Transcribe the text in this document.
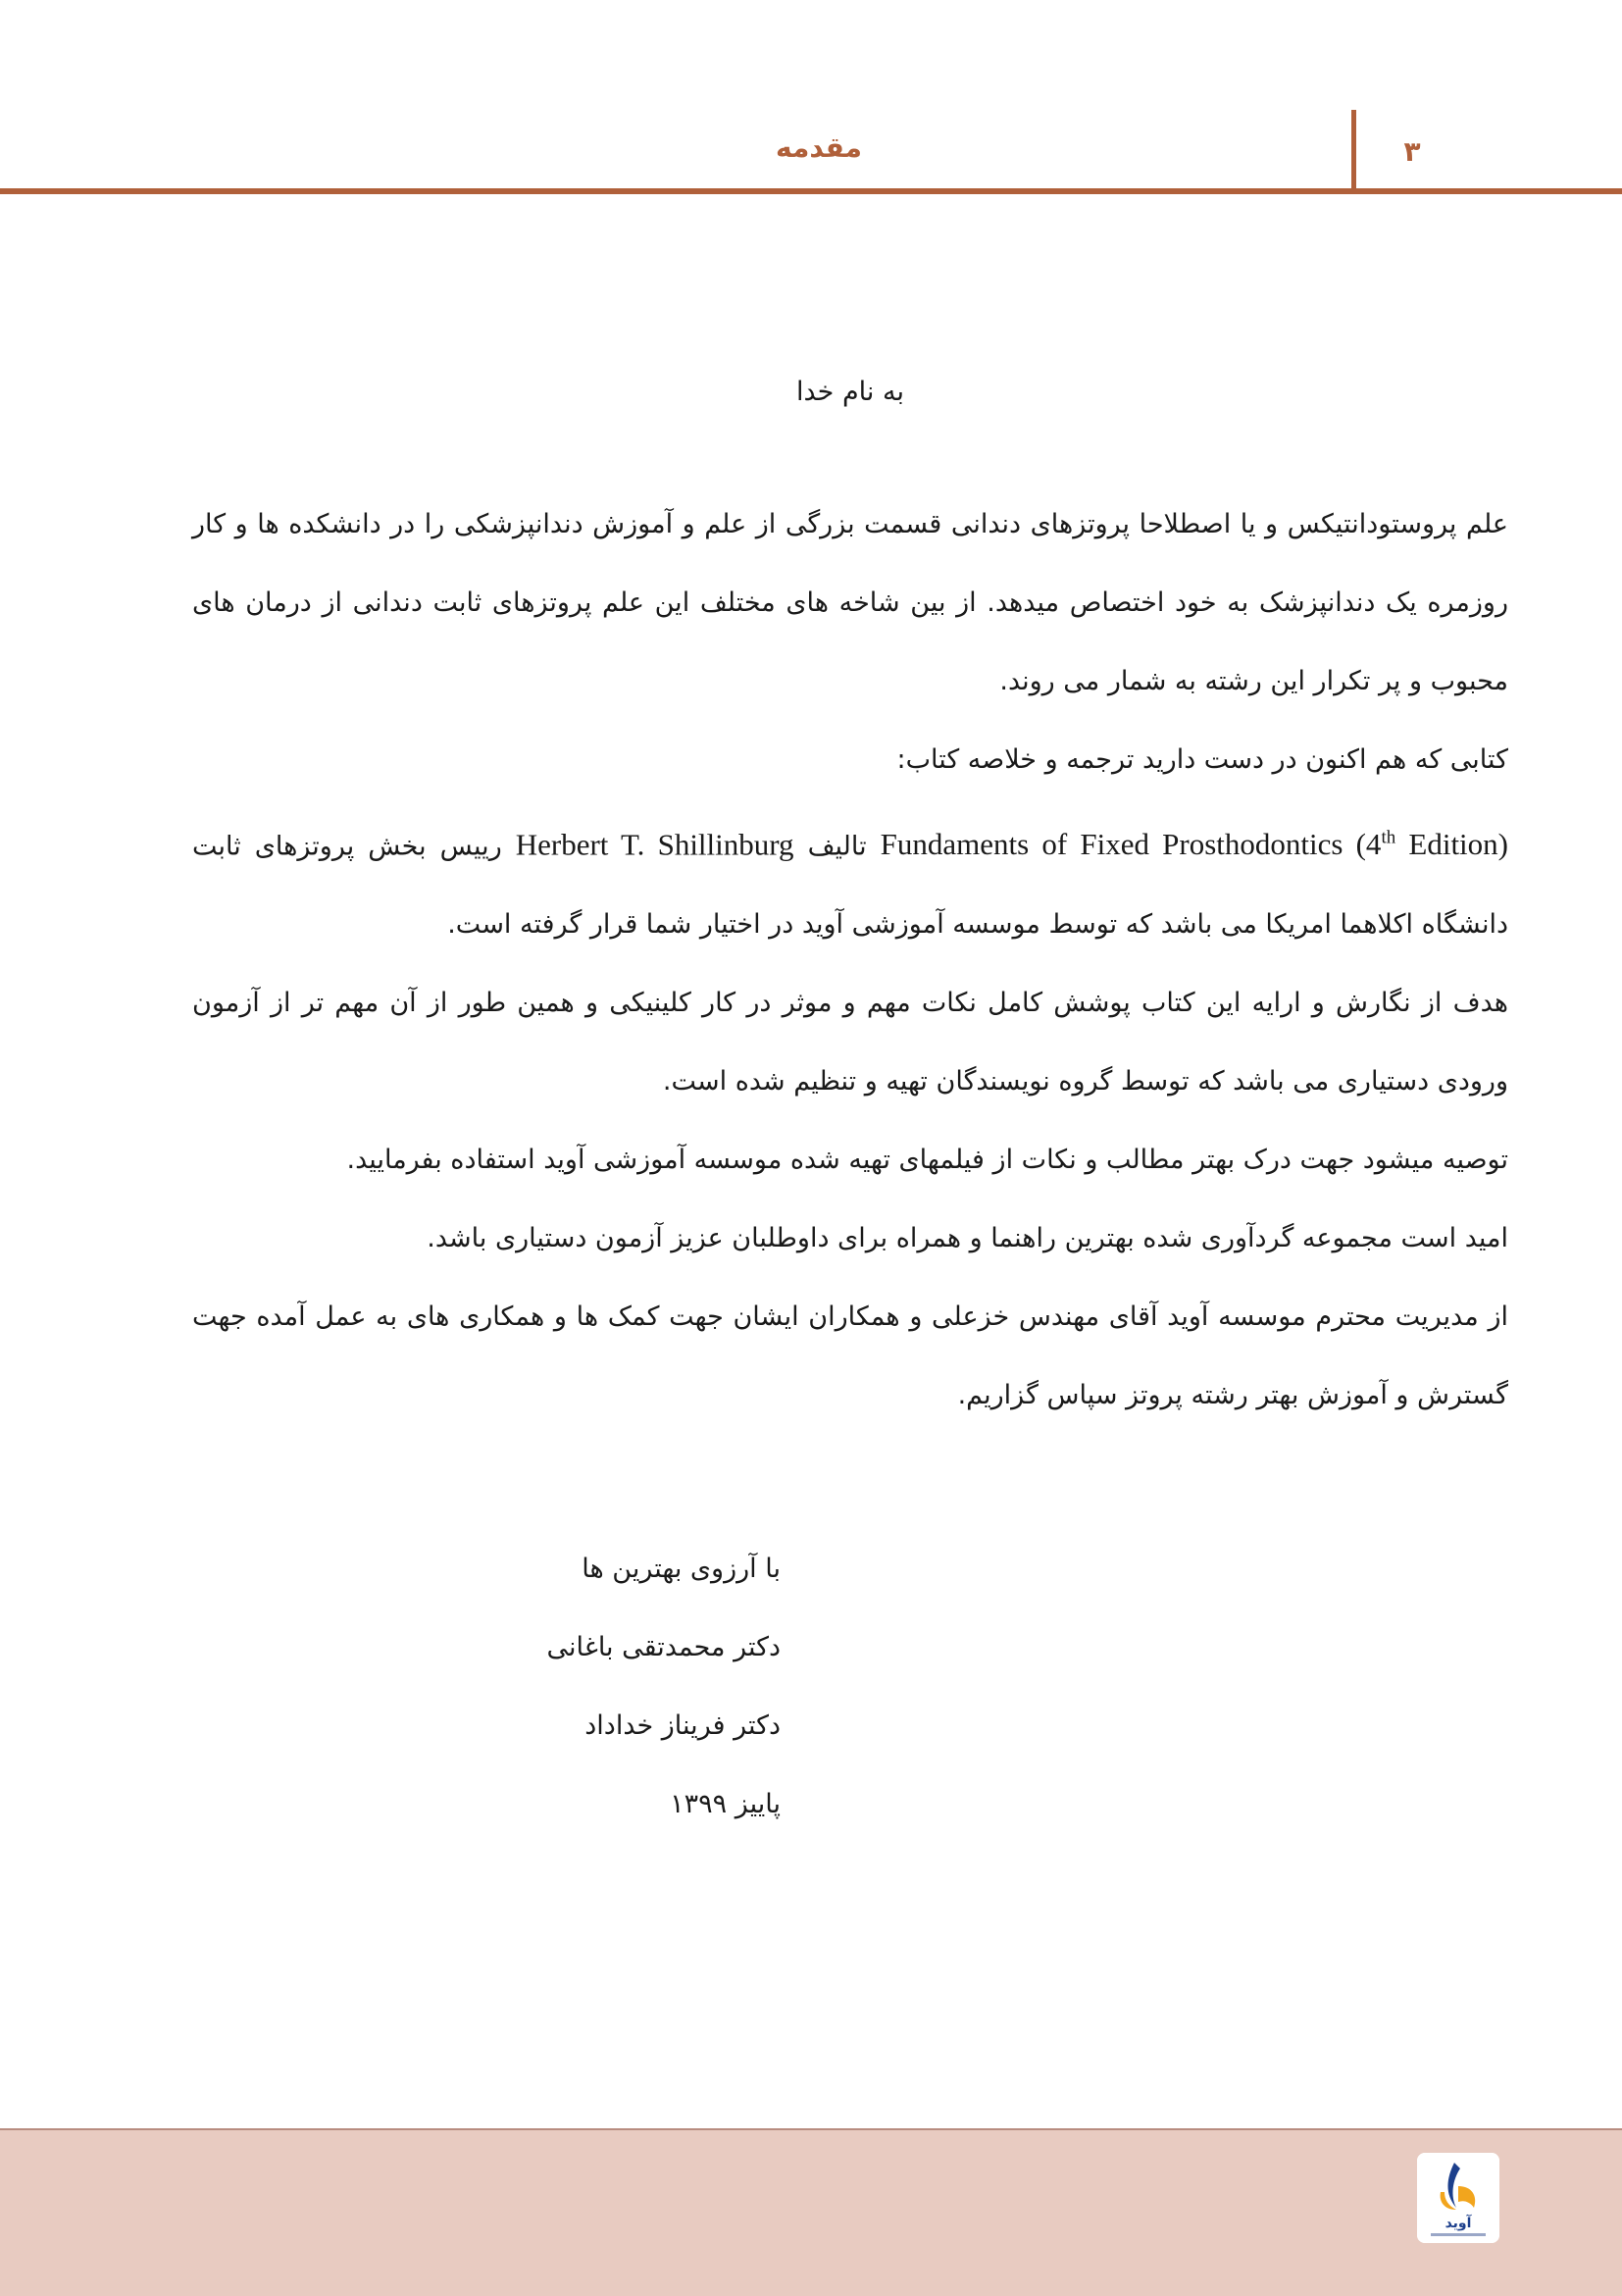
مقدمه	۳
به نام خدا

علم پروستودانتیکس و یا اصطلاحا پروتزهای دندانی قسمت بزرگی از علم و آموزش دندانپزشکی را در دانشکده ها و کار روزمره یک دندانپزشک به خود اختصاص میدهد. از بین شاخه های مختلف این علم پروتزهای ثابت دندانی از درمان های محبوب و پر تکرار این رشته به شمار می روند.

کتابی که هم اکنون در دست دارید ترجمه و خلاصه کتاب:

Fundaments of Fixed Prosthodontics (4th Edition) تالیف Herbert T. Shillinburg رییس بخش پروتزهای ثابت دانشگاه اکلاهما امریکا می باشد که توسط موسسه آموزشی آوید در اختیار شما قرار گرفته است.

هدف از نگارش و ارایه این کتاب پوشش کامل نکات مهم و موثر در کار کلینیکی و همین طور از آن مهم تر از آزمون ورودی دستیاری می باشد که توسط گروه نویسندگان تهیه و تنظیم شده است.

توصیه میشود جهت درک بهتر مطالب و نکات از فیلمهای تهیه شده موسسه آموزشی آوید استفاده بفرمایید.

امید است مجموعه گردآوری شده بهترین راهنما و همراه برای داوطلبان عزیز آزمون دستیاری باشد.

از مدیریت محترم موسسه آوید آقای مهندس خزعلی و همکاران ایشان جهت کمک ها و همکاری های به عمل آمده جهت گسترش و آموزش بهتر رشته پروتز سپاس گزاریم.

با آرزوی بهترین ها
دکتر محمدتقی باغانی
دکتر فریناز خداداد
پاییز ۱۳۹۹
آوید
